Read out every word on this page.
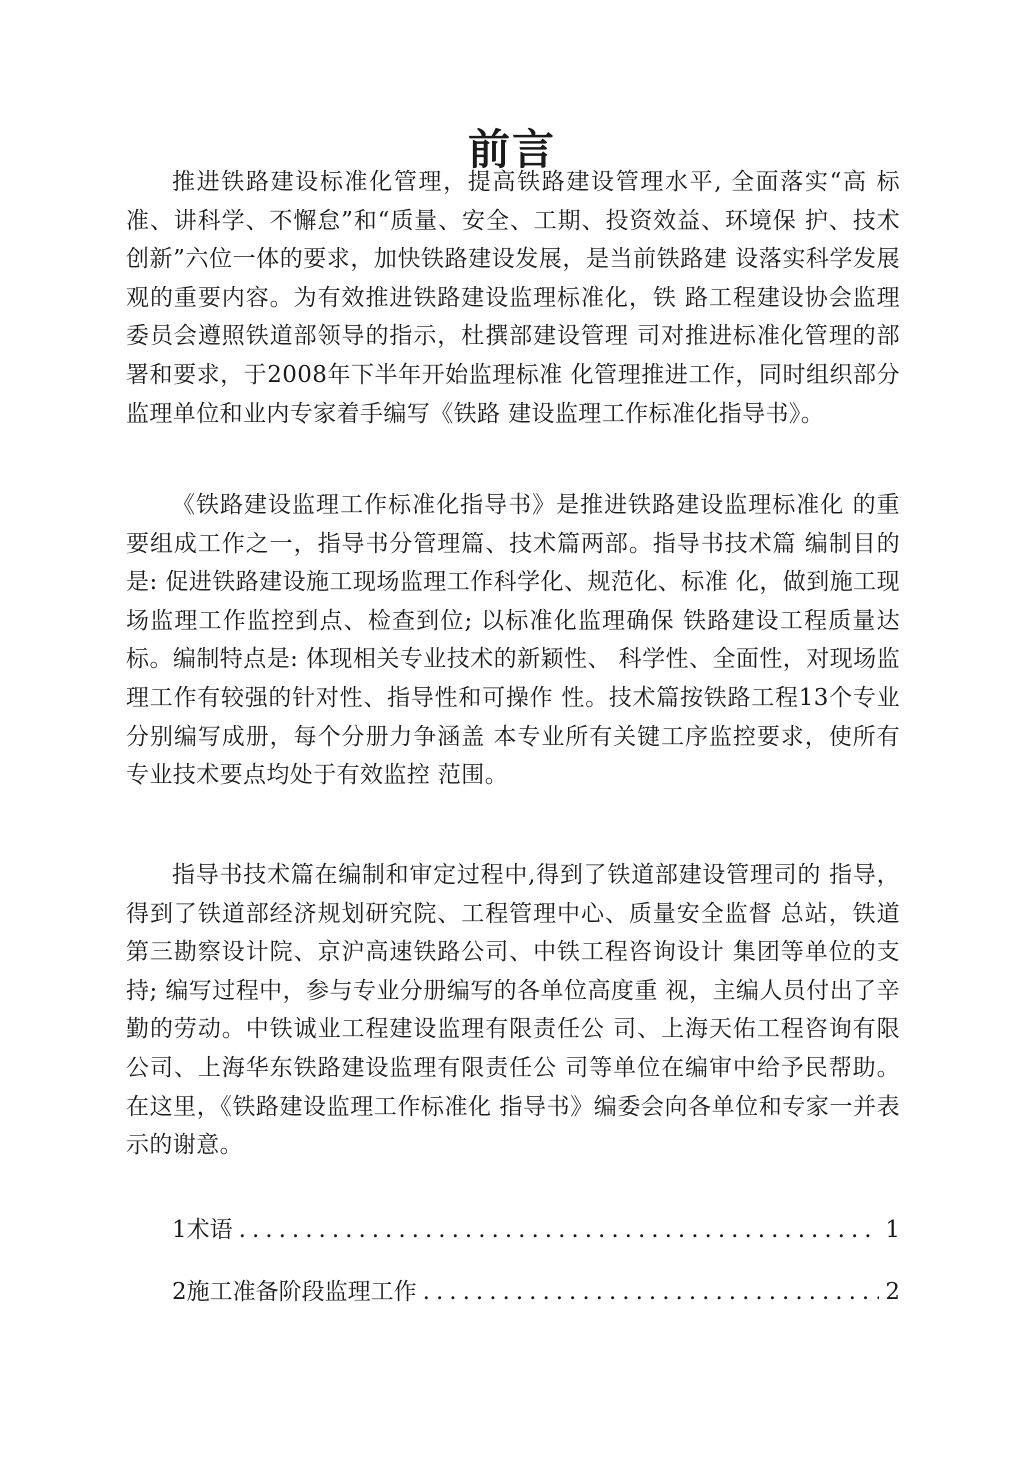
前言

推进铁路建设标准化管理，提高铁路建设管理水平, 全面落实“高 标准、讲科学、不懈怠”和“质量、安全、工期、投资效益、环境保 护、技术创新”六位一体的要求，加快铁路建设发展，是当前铁路建 设落实科学发展观的重要内容。为有效推进铁路建设监理标准化，铁 路工程建设协会监理委员会遵照铁道部领导的指示，杜撰部建设管理 司对推进标准化管理的部署和要求，于2008年下半年开始监理标准 化管理推进工作，同时组织部分监理单位和业内专家着手编写《铁路 建设监理工作标准化指导书》。

《铁路建设监理工作标准化指导书》是推进铁路建设监理标准化 的重要组成工作之一，指导书分管理篇、技术篇两部。指导书技术篇 编制目的是: 促进铁路建设施工现场监理工作科学化、规范化、标准 化，做到施工现场监理工作监控到点、检查到位; 以标准化监理确保 铁路建设工程质量达标。编制特点是: 体现相关专业技术的新颖性、 科学性、全面性，对现场监理工作有较强的针对性、指导性和可操作 性。技术篇按铁路工程13个专业分别编写成册，每个分册力争涵盖 本专业所有关键工序监控要求，使所有专业技术要点均处于有效监控 范围。

指导书技术篇在编制和审定过程中,得到了铁道部建设管理司的 指导，得到了铁道部经济规划研究院、工程管理中心、质量安全监督 总站，铁道第三勘察设计院、京沪高速铁路公司、中铁工程咨询设计 集团等单位的支持; 编写过程中，参与专业分册编写的各单位高度重 视，主编人员付出了辛勤的劳动。中铁诚业工程建设监理有限责任公 司、上海天佑工程咨询有限公司、上海华东铁路建设监理有限责任公 司等单位在编审中给予民帮助。在这里，《铁路建设监理工作标准化 指导书》编委会向各单位和专家一并表示的谢意。

1术语 .....	1
2施工准备阶段监理工作 .....	2
